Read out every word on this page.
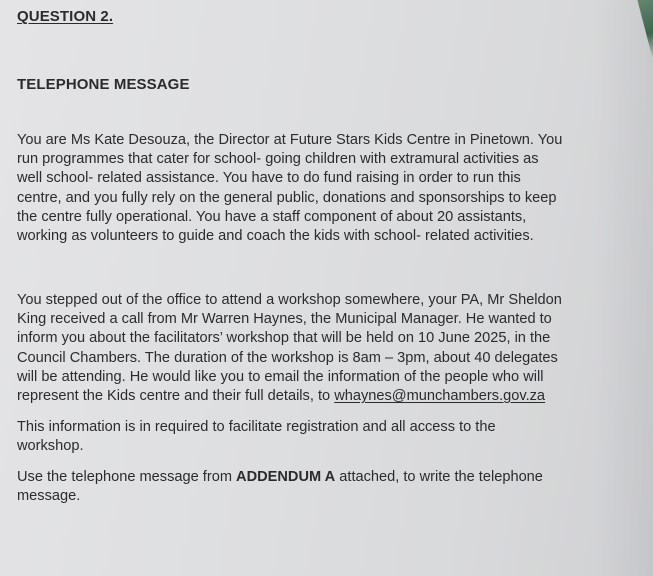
QUESTION 2.
TELEPHONE MESSAGE
You are Ms Kate Desouza, the Director at Future Stars Kids Centre in Pinetown. You
run programmes that cater for school- going children with extramural activities as
well school- related assistance. You have to do fund raising in order to run this
centre, and you fully rely on the general public, donations and sponsorships to keep
the centre fully operational. You have a staff component of about 20 assistants,
working as volunteers to guide and coach the kids with school- related activities.
You stepped out of the office to attend a workshop somewhere, your PA, Mr Sheldon
King received a call from Mr Warren Haynes, the Municipal Manager. He wanted to
inform you about the facilitators’ workshop that will be held on 10 June 2025, in the
Council Chambers. The duration of the workshop is 8am – 3pm, about 40 delegates
will be attending. He would like you to email the information of the people who will
represent the Kids centre and their full details, to whaynes@munchambers.gov.za
This information is in required to facilitate registration and all access to the
workshop.
Use the telephone message from ADDENDUM A attached, to write the telephone
message.
